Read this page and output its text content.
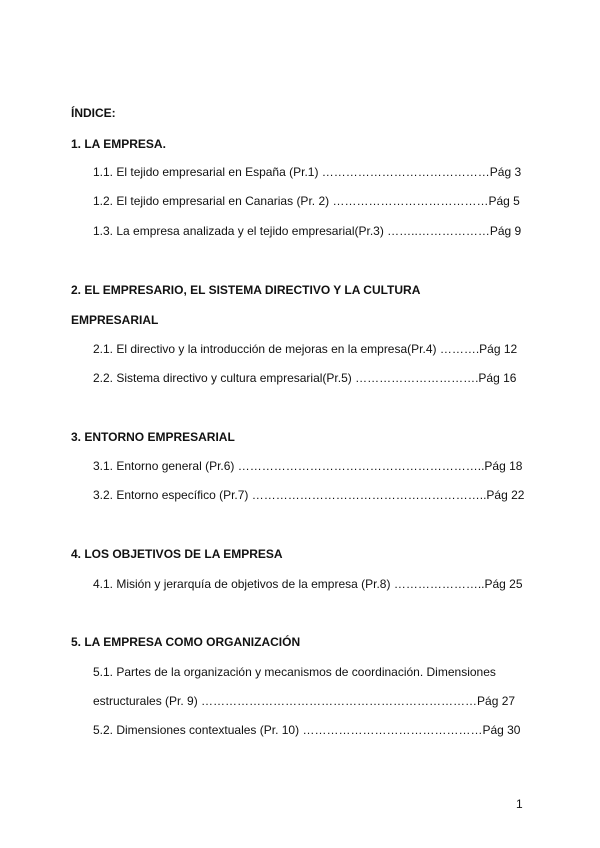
ÍNDICE:
1. LA EMPRESA.
1.1. El tejido empresarial en España (Pr.1) ……………………………………Pág 3
1.2. El tejido empresarial en Canarias (Pr. 2) …………………………………Pág 5
1.3. La empresa analizada y el tejido empresarial(Pr.3) ……..………………Pág 9
2. EL EMPRESARIO, EL SISTEMA DIRECTIVO Y LA CULTURA
EMPRESARIAL
2.1. El directivo y la introducción de mejoras en la empresa(Pr.4) ……….Pág 12
2.2. Sistema directivo y cultura empresarial(Pr.5) ………………………….Pág 16
3. ENTORNO EMPRESARIAL
3.1. Entorno general (Pr.6) ……………………………………………………..Pág 18
3.2. Entorno específico (Pr.7) …………………………………………………..Pág 22
4. LOS OBJETIVOS DE LA EMPRESA
4.1. Misión y jerarquía de objetivos de la empresa (Pr.8) …………………..Pág 25
5. LA EMPRESA COMO ORGANIZACIÓN
5.1. Partes de la organización y mecanismos de coordinación. Dimensiones
estructurales (Pr. 9) ……………………………………………………………Pág 27
5.2. Dimensiones contextuales (Pr. 10) ………………………………………Pág 30
1
